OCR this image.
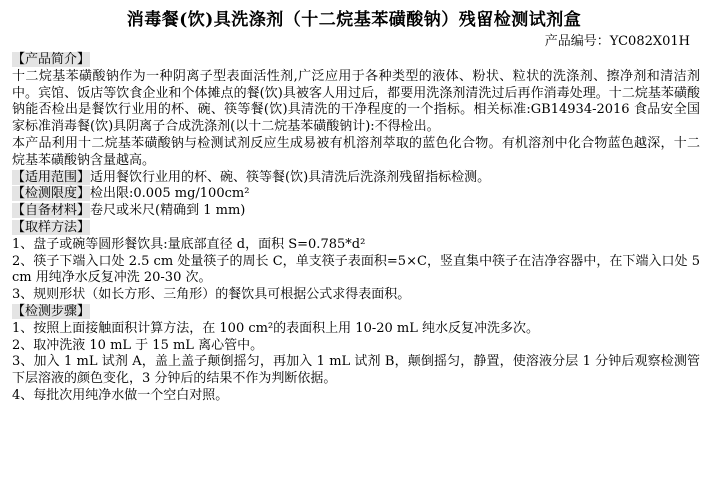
消毒餐(饮)具洗涤剂（十二烷基苯磺酸钠）残留检测试剂盒
产品编号：YC082X01H

【产品简介】

十二烷基苯磺酸钠作为一种阴离子型表面活性剂,广泛应用于各种类型的液体、粉状、粒状的洗涤剂、擦净剂和清洁剂中。宾馆、饭店等饮食企业和个体摊点的餐(饮)具被客人用过后，都要用洗涤剂清洗过后再作消毒处理。十二烷基苯磺酸钠能否检出是餐饮行业用的杯、碗、筷等餐(饮)具清洗的干净程度的一个指标。相关标准:GB14934-2016 食品安全国家标准消毒餐(饮)具阴离子合成洗涤剂(以十二烷基苯磺酸钠计):不得检出。

本产品利用十二烷基苯磺酸钠与检测试剂反应生成易被有机溶剂萃取的蓝色化合物。有机溶剂中化合物蓝色越深，十二烷基苯磺酸钠含量越高。

【适用范围】适用餐饮行业用的杯、碗、筷等餐(饮)具清洗后洗涤剂残留指标检测。

【检测限度】检出限:0.005 mg/100cm²

【自备材料】卷尺或米尺(精确到 1 mm)

【取样方法】

1、盘子或碗等圆形餐饮具:量底部直径 d，面积 S=0.785*d²

2、筷子下端入口处 2.5 cm 处量筷子的周长 C，单支筷子表面积=5×C，竖直集中筷子在洁净容器中，在下端入口处 5 cm 用纯净水反复冲洗 20-30 次。

3、规则形状（如长方形、三角形）的餐饮具可根据公式求得表面积。

【检测步骤】

1、按照上面接触面积计算方法，在 100 cm²的表面积上用 10-20 mL 纯水反复冲洗多次。

2、取冲洗液 10 mL 于 15 mL 离心管中。

3、加入 1 mL 试剂 A，盖上盖子颠倒摇匀，再加入 1 mL 试剂 B，颠倒摇匀，静置，使溶液分层 1 分钟后观察检测管下层溶液的颜色变化，3 分钟后的结果不作为判断依据。

4、每批次用纯净水做一个空白对照。
